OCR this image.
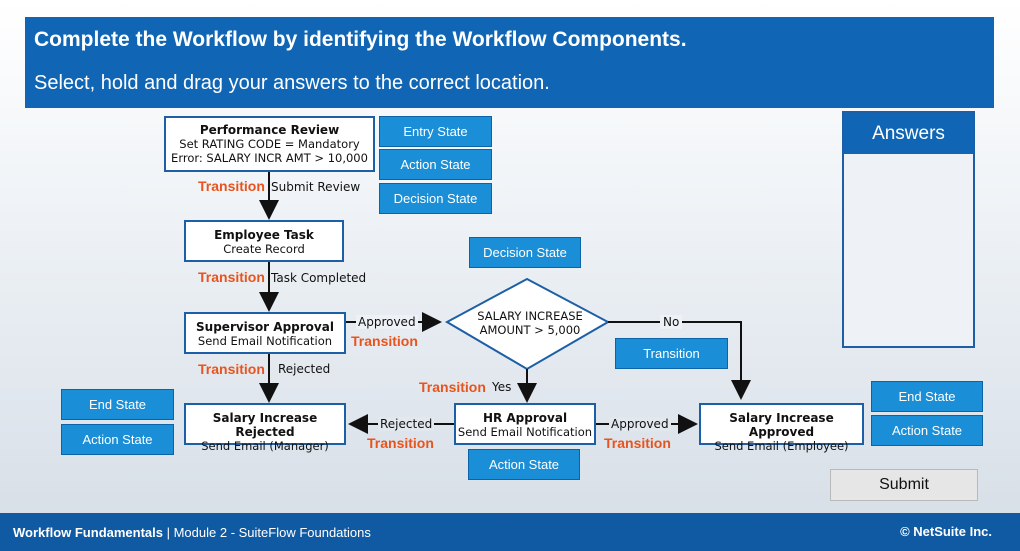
Complete the Workflow by identifying the Workflow Components.
Select, hold and drag your answers to the correct location.
Performance Review
Set RATING CODE = Mandatory
Error: SALARY INCR AMT > 10,000
Employee Task
Create Record
Supervisor Approval
Send Email Notification
SALARY INCREASE
AMOUNT > 5,000
HR Approval
Send Email Notification
Salary Increase Rejected
Send Email (Manager)
Salary Increase Approved
Send Email (Employee)
Transition
Transition
Transition
Transition
Transition
Transition	Transition
Submit Review
Task Completed
Approved
Rejected
No
Yes
Rejected	Approved
Entry State
Action State
Decision State
Decision State
Transition
End State
Action State
Action State
End State
Action State
Answers
Submit
Workflow Fundamentals | Module 2 - SuiteFlow Foundations	© NetSuite Inc.
